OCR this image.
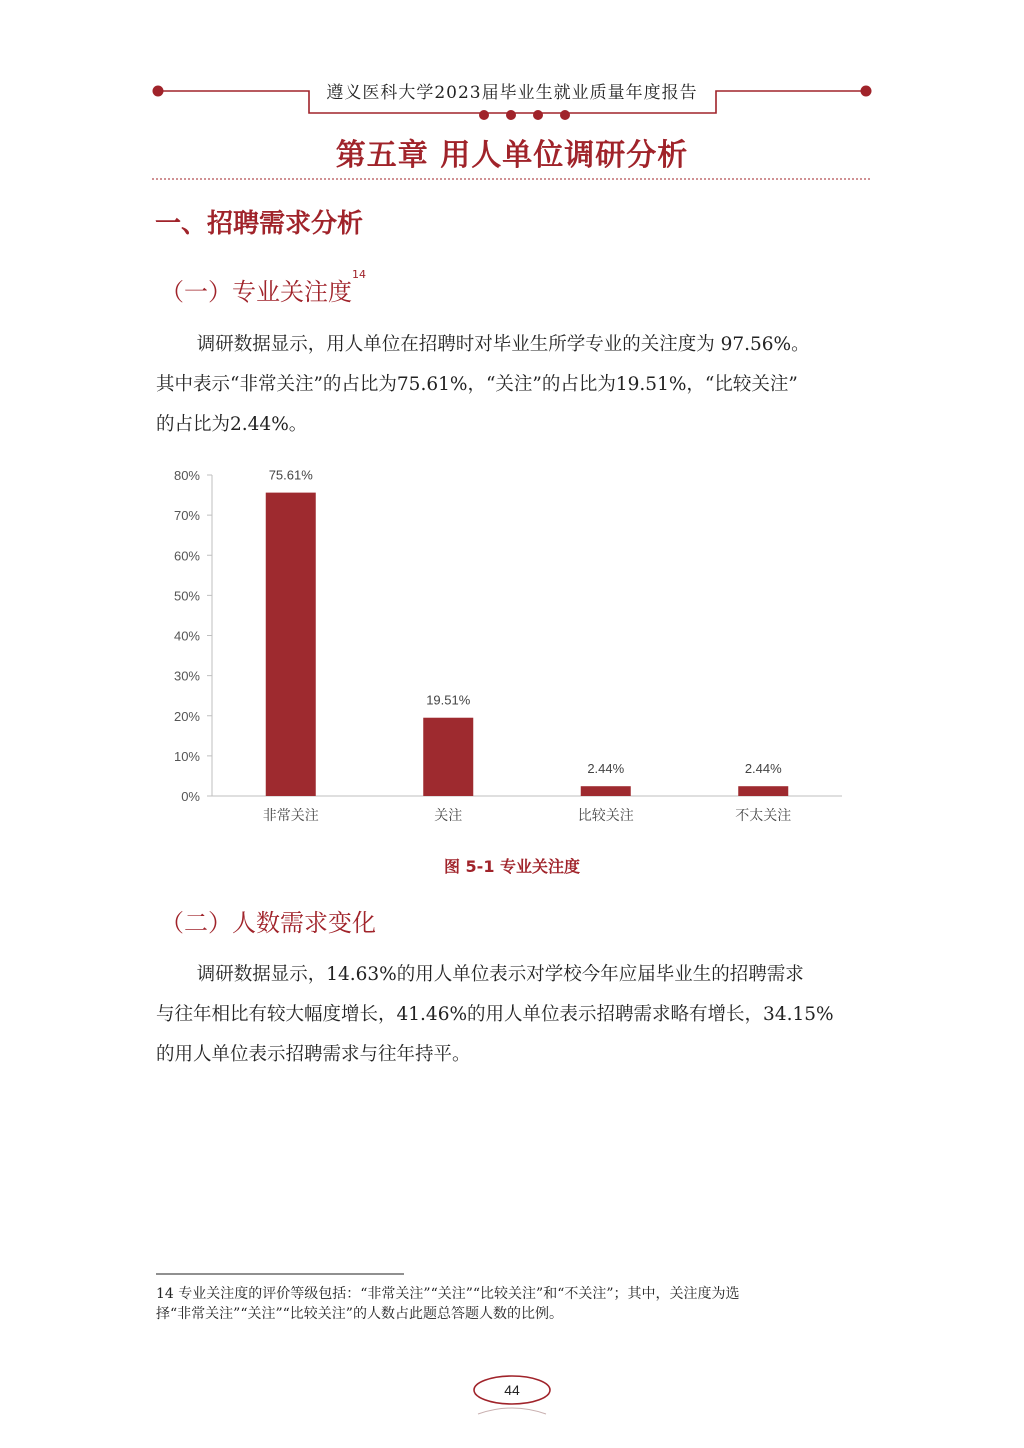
遵义医科大学2023届毕业生就业质量年度报告
第五章 用人单位调研分析
一、招聘需求分析
（一）专业关注度$^{14}$

调研数据显示，用人单位在招聘时对毕业生所学专业的关注度为 97.56%。

其中表示“非常关注”的占比为75.61%，“关注”的占比为19.51%，“比较关注”

的占比为2.44%。

0%
10%
20%
30%
40%
50%
60%
70%
80%	75.61%
非常关注
19.51%
关注
2.44%
比较关注
2.44%
不太关注
图 5-1 专业关注度
（二）人数需求变化

调研数据显示，14.63%的用人单位表示对学校今年应届毕业生的招聘需求

与往年相比有较大幅度增长，41.46%的用人单位表示招聘需求略有增长，34.15%

的用人单位表示招聘需求与往年持平。

14 专业关注度的评价等级包括：“非常关注”“关注”“比较关注”和“不关注”；其中，关注度为选

择“非常关注”“关注”“比较关注”的人数占此题总答题人数的比例。

44
